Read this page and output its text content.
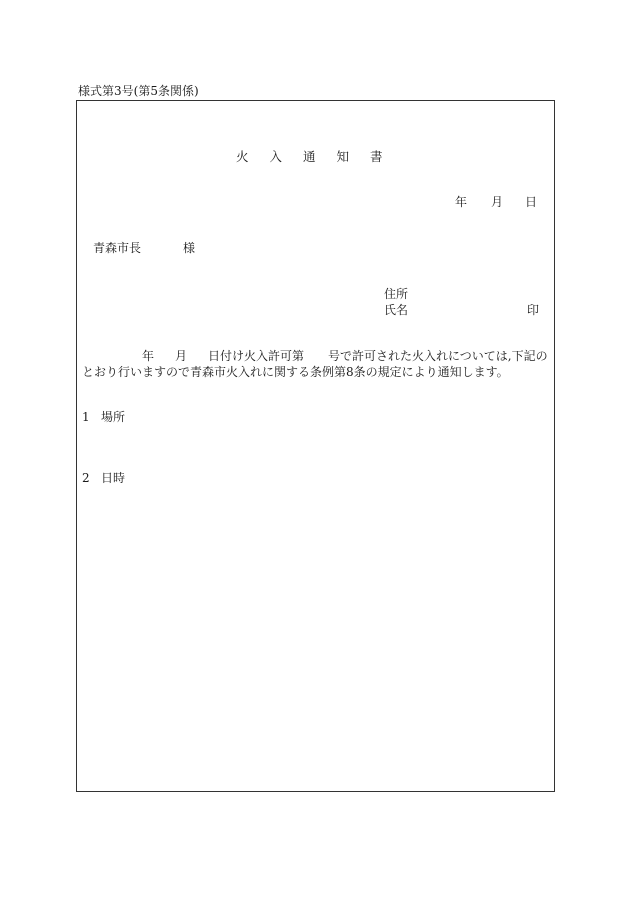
様式第3号(第5条関係)
火入通知書
年 月 日
青森市長	様
住所
氏名	印
年 月 日付け火入許可第 号で許可された火入れについては,下記の
とおり行いますので青森市火入れに関する条例第8条の規定により通知します。
1 場所
2 日時
